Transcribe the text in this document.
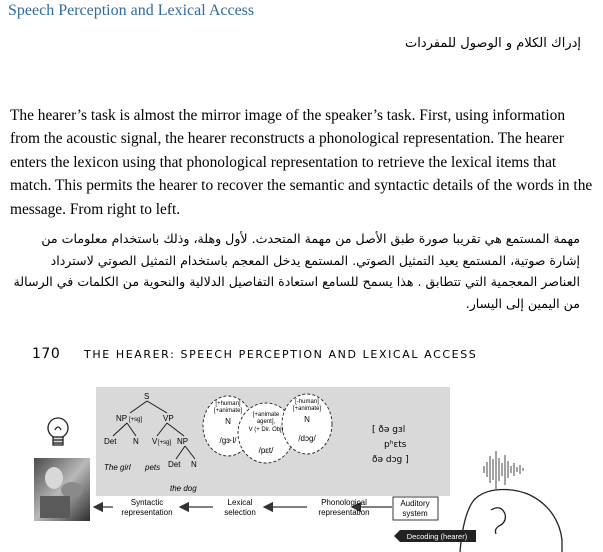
Speech Perception and Lexical Access
إدراك الكلام و الوصول للمفردات

The hearer’s task is almost the mirror image of the speaker’s task. First, using information from the acoustic signal, the hearer reconstructs a phonological representation. The hearer enters the lexicon using that phonological representation to retrieve the lexical items that match. This permits the hearer to recover the semantic and syntactic details of the words in the message. From right to left.

مهمة المستمع هي تقريبا صورة طبق الأصل من مهمة المتحدث. لأول وهلة، وذلك باستخدام معلومات من إشارة صوتية، المستمع يعيد التمثيل الصوتي. المستمع يدخل المعجم باستخدام التمثيل الصوتي لاسترداد العناصر المعجمية التي تتطابق . هذا يسمح للسامع استعادة التفاصيل الدلالية والنحوية من الكلمات في الرسالة من اليمين إلى اليسار.

170 THE HEARER: SPEECH PERCEPTION AND LEXICAL ACCESS
S
NP [+sg]	VP
Det N V [+sg] NP
Det N
The girl pets
the dog
[+human]
[+animate]
N
/gɜ˞l/
[+animate
agent],
V (+ Dir. Obj)
/pɛt/
[-human]
[+animate]
N
/dɔg/
[ ðə gɜl
pʰɛts
ðə dɔg ]
Syntactic
representation
Lexical
selection
Phonological
representation
Auditory
system
Decoding (hearer)
